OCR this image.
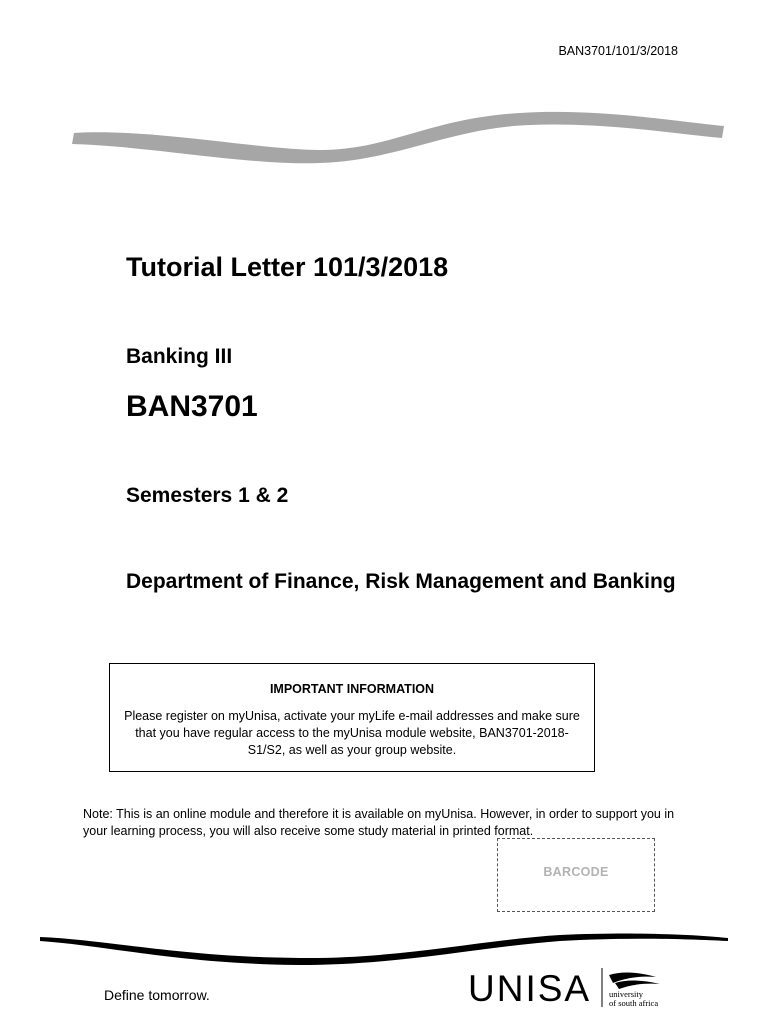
BAN3701/101/3/2018
Tutorial Letter 101/3/2018
Banking III
BAN3701
Semesters 1 & 2
Department of Finance, Risk Management and Banking
IMPORTANT INFORMATION
Please register on myUnisa, activate your myLife e-mail addresses and make sure that you have regular access to the myUnisa module website, BAN3701-2018-S1/S2, as well as your group website.
Note: This is an online module and therefore it is available on myUnisa. However, in order to support you in your learning process, you will also receive some study material in printed format.
BARCODE
Define tomorrow.	UNISA university
of south africa
